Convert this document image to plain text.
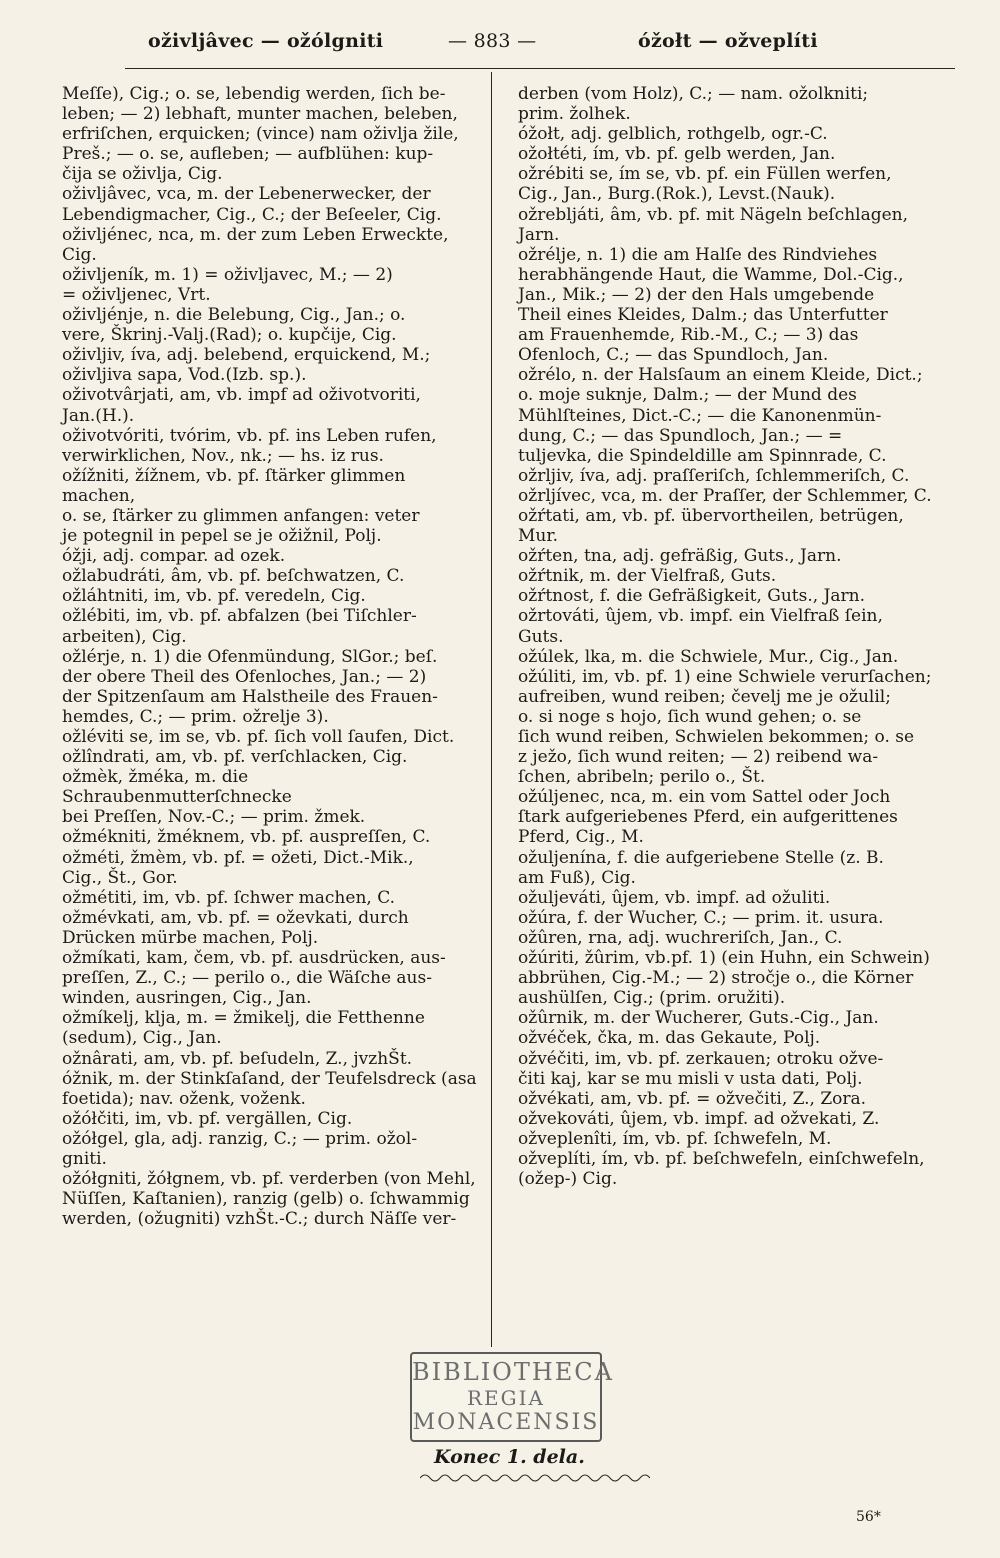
oživljâvec — ožólgniti	— 883 —	óžołt — ožveplíti
Meſſe), Cig.; o. se, lebendig werden, ſich be-
leben; — 2) lebhaft, munter machen, beleben,
erfriſchen, erquicken; (vince) nam oživlja žile,
Preš.; — o. se, aufleben; — aufblühen: kup-
čija se oživlja, Cig.
oživljâvec, vca, m. der Lebenerwecker, der
Lebendigmacher, Cig., C.; der Beſeeler, Cig.
oživljénec, nca, m. der zum Leben Erweckte,
Cig.
oživljeník, m. 1) = oživljavec, M.; — 2)
= oživljenec, Vrt.
oživljénje, n. die Belebung, Cig., Jan.; o.
vere, Škrinj.-Valj.(Rad); o. kupčije, Cig.
oživljiv, íva, adj. belebend, erquickend, M.;
oživljiva sapa, Vod.(Izb. sp.).
oživotvârjati, am, vb. impf ad oživotvoriti,
Jan.(H.).
oživotvóriti, tvórim, vb. pf. ins Leben rufen,
verwirklichen, Nov., nk.; — hs. iz rus.
ožížniti, žížnem, vb. pf. ſtärker glimmen machen,
o. se, ſtärker zu glimmen anfangen: veter
je potegnil in pepel se je ožižnil, Polj.
óžji, adj. compar. ad ozek.
ožlabudráti, âm, vb. pf. beſchwatzen, C.
ožláhtniti, im, vb. pf. veredeln, Cig.
ožlébiti, im, vb. pf. abfalzen (bei Tiſchler-
arbeiten), Cig.
ožlérje, n. 1) die Ofenmündung, SlGor.; beſ.
der obere Theil des Ofenloches, Jan.; — 2)
der Spitzenſaum am Halstheile des Frauen-
hemdes, C.; — prim. ožrelje 3).
ožléviti se, im se, vb. pf. ſich voll ſaufen, Dict.
ožlîndrati, am, vb. pf. verſchlacken, Cig.
ožmèk, žméka, m. die Schraubenmutterſchnecke
bei Preſſen, Nov.-C.; — prim. žmek.
ožmékniti, žméknem, vb. pf. auspreſſen, C.
ožméti, žmèm, vb. pf. = ožeti, Dict.-Mik.,
Cig., Št., Gor.
ožmétiti, im, vb. pf. ſchwer machen, C.
ožmévkati, am, vb. pf. = oževkati, durch
Drücken mürbe machen, Polj.
ožmíkati, kam, čem, vb. pf. ausdrücken, aus-
preſſen, Z., C.; — perilo o., die Wäſche aus-
winden, ausringen, Cig., Jan.
ožmíkelj, klja, m. = žmikelj, die Fetthenne
(sedum), Cig., Jan.
ožnârati, am, vb. pf. beſudeln, Z., jvzhŠt.
óžnik, m. der Stinkſaſand, der Teufelsdreck (asa
foetida); nav. oženk, voženk.
ožółčiti, im, vb. pf. vergällen, Cig.
ožółgel, gla, adj. ranzig, C.; — prim. ožol-
gniti.
ožółgniti, žółgnem, vb. pf. verderben (von Mehl,
Nüſſen, Kaſtanien), ranzig (gelb) o. ſchwammig
werden, (ožugniti) vzhŠt.-C.; durch Näſſe ver-
derben (vom Holz), C.; — nam. ožolkniti;
prim. žolhek.
óžołt, adj. gelblich, rothgelb, ogr.-C.
ožołtéti, ím, vb. pf. gelb werden, Jan.
ožrébiti se, ím se, vb. pf. ein Füllen werfen,
Cig., Jan., Burg.(Rok.), Levst.(Nauk).
ožrebljáti, âm, vb. pf. mit Nägeln beſchlagen,
Jarn.
ožrélje, n. 1) die am Halſe des Rindviehes
herabhängende Haut, die Wamme, Dol.-Cig.,
Jan., Mik.; — 2) der den Hals umgebende
Theil eines Kleides, Dalm.; das Unterfutter
am Frauenhemde, Rib.-M., C.; — 3) das
Ofenloch, C.; — das Spundloch, Jan.
ožrélo, n. der Halsſaum an einem Kleide, Dict.;
o. moje suknje, Dalm.; — der Mund des
Mühlſteines, Dict.-C.; — die Kanonenmün-
dung, C.; — das Spundloch, Jan.; — =
tuljevka, die Spindeldille am Spinnrade, C.
ožrljiv, íva, adj. praſſeriſch, ſchlemmeriſch, C.
ožrljívec, vca, m. der Praſſer, der Schlemmer, C.
ožŕtati, am, vb. pf. übervortheilen, betrügen,
Mur.
ožŕten, tna, adj. gefräßig, Guts., Jarn.
ožŕtnik, m. der Vielfraß, Guts.
ožŕtnost, f. die Gefräßigkeit, Guts., Jarn.
ožrtováti, ûjem, vb. impf. ein Vielfraß ſein,
Guts.
ožúlek, lka, m. die Schwiele, Mur., Cig., Jan.
ožúliti, im, vb. pf. 1) eine Schwiele verurſachen;
aufreiben, wund reiben; čevelj me je ožulil;
o. si noge s hojo, ſich wund gehen; o. se
ſich wund reiben, Schwielen bekommen; o. se
z ježo, ſich wund reiten; — 2) reibend wa-
ſchen, abribeln; perilo o., Št.
ožúljenec, nca, m. ein vom Sattel oder Joch
ſtark aufgeriebenes Pferd, ein aufgerittenes
Pferd, Cig., M.
ožuljenína, f. die aufgeriebene Stelle (z. B.
am Fuß), Cig.
ožuljeváti, ûjem, vb. impf. ad ožuliti.
ožúra, f. der Wucher, C.; — prim. it. usura.
ožûren, rna, adj. wuchreriſch, Jan., C.
ožúriti, žûrim, vb.pf. 1) (ein Huhn, ein Schwein)
abbrühen, Cig.-M.; — 2) stročje o., die Körner
aushülſen, Cig.; (prim. oružiti).
ožûrnik, m. der Wucherer, Guts.-Cig., Jan.
ožvéček, čka, m. das Gekaute, Polj.
ožvéčiti, im, vb. pf. zerkauen; otroku ožve-
čiti kaj, kar se mu misli v usta dati, Polj.
ožvékati, am, vb. pf. = ožvečiti, Z., Zora.
ožvekováti, ûjem, vb. impf. ad ožvekati, Z.
ožveplenîti, ím, vb. pf. ſchwefeln, M.
ožveplíti, ím, vb. pf. beſchwefeln, einſchwefeln,
(ožep-) Cig.
BIBLIOTHECA
REGIA
MONACENSIS
Konec 1. dela.
56*
